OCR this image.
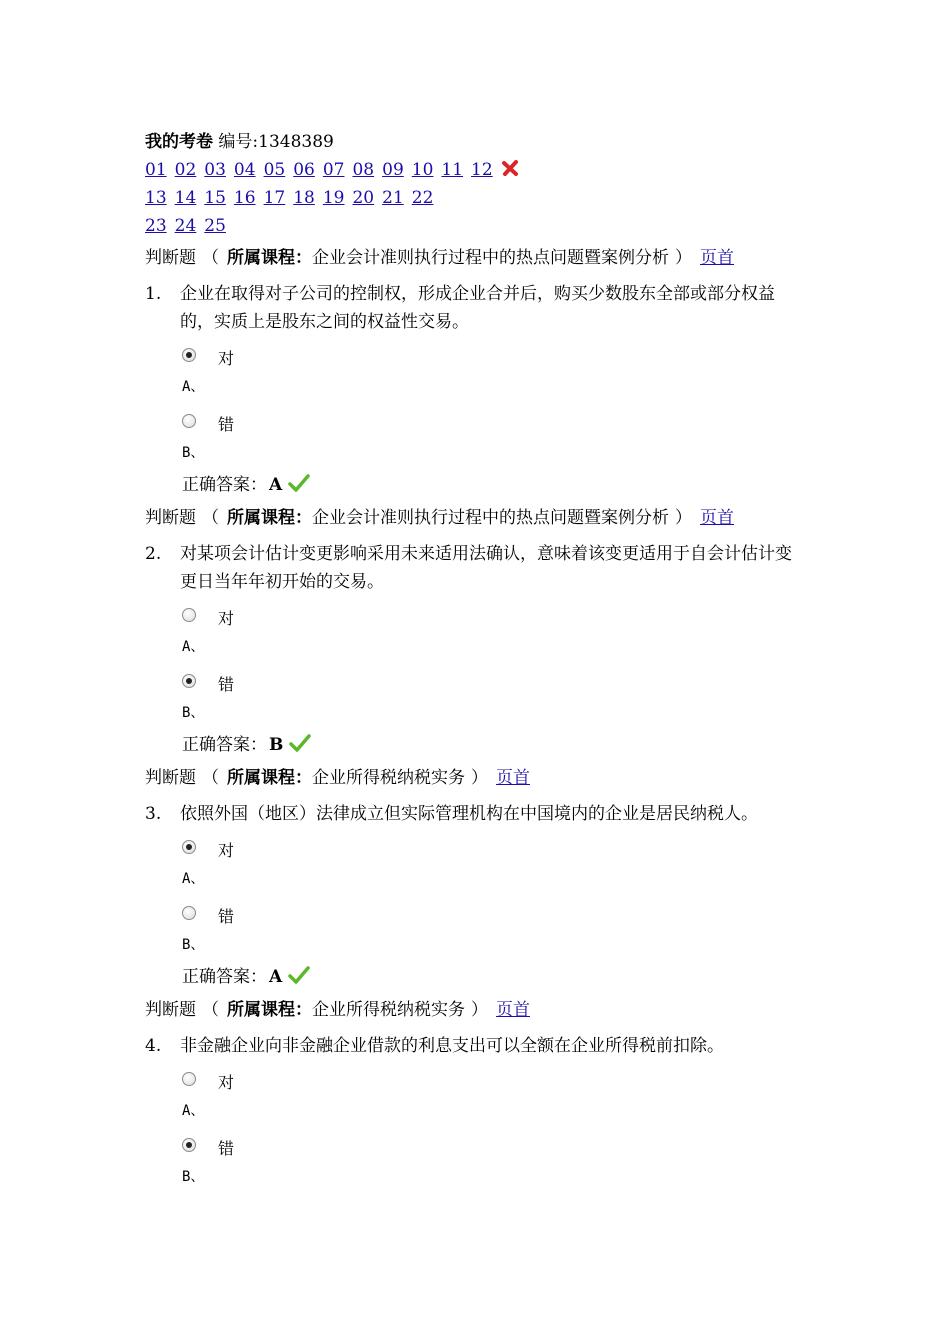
我的考卷 编号:1348389
01 02 03 04 05 06 07 08 09 10 11 1213 14 15 16 17 18 19 20 21 22
23 24 25
判断题 （ 所属课程：企业会计准则执行过程中的热点问题暨案例分析 ） 页首
1.	企业在取得对子公司的控制权，形成企业合并后，购买少数股东全部或部分权益的，实质上是股东之间的权益性交易。
对
A、
错
B、
正确答案： A
判断题 （ 所属课程：企业会计准则执行过程中的热点问题暨案例分析 ） 页首
2.	对某项会计估计变更影响采用未来适用法确认，意味着该变更适用于自会计估计变更日当年年初开始的交易。
对
A、
错
B、
正确答案： B
判断题 （ 所属课程：企业所得税纳税实务 ） 页首
3.	依照外国（地区）法律成立但实际管理机构在中国境内的企业是居民纳税人。
对
A、
错
B、
正确答案： A
判断题 （ 所属课程：企业所得税纳税实务 ） 页首
4.	非金融企业向非金融企业借款的利息支出可以全额在企业所得税前扣除。
对
A、
错
B、
